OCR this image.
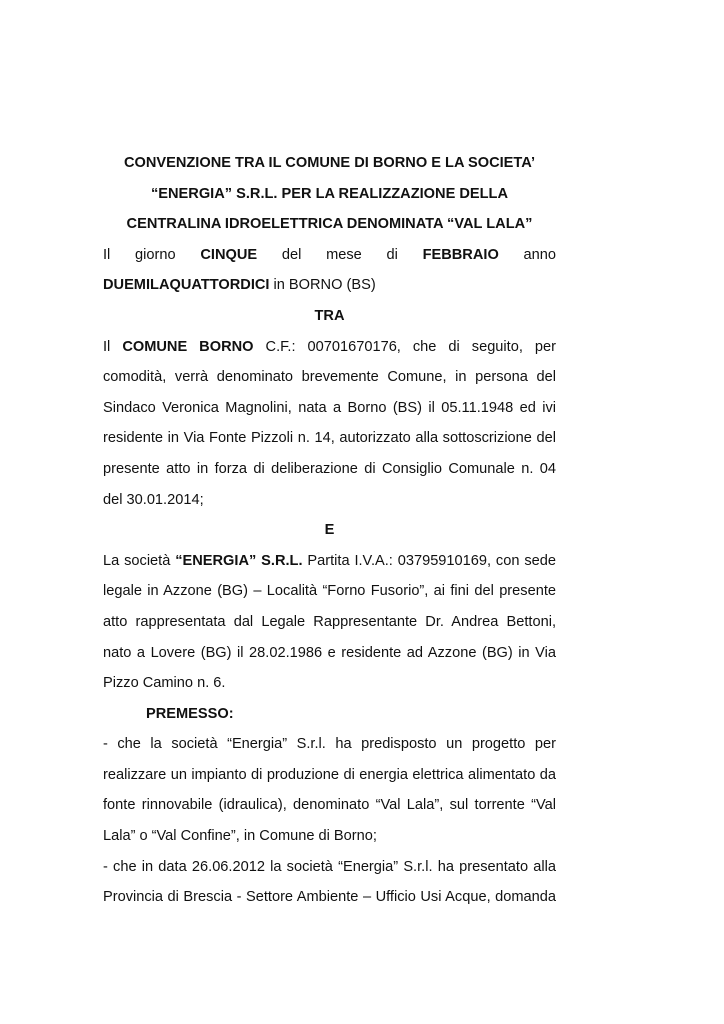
CONVENZIONE TRA IL COMUNE DI BORNO E LA SOCIETA’
“ENERGIA” S.R.L. PER LA REALIZZAZIONE DELLA
CENTRALINA IDROELETTRICA DENOMINATA “VAL LALA”
Il giorno CINQUE del mese di FEBBRAIO anno
DUEMILAQUATTORDICI in BORNO (BS)
TRA
Il COMUNE BORNO C.F.: 00701670176, che di seguito, per
comodità, verrà denominato brevemente Comune, in persona del
Sindaco Veronica Magnolini, nata a Borno (BS) il 05.11.1948 ed ivi
residente in Via Fonte Pizzoli n. 14, autorizzato alla sottoscrizione del
presente atto in forza di deliberazione di Consiglio Comunale n. 04
del 30.01.2014;
E
La società “ENERGIA” S.R.L. Partita I.V.A.: 03795910169, con sede
legale in Azzone (BG) – Località “Forno Fusorio”, ai fini del presente
atto rappresentata dal Legale Rappresentante Dr. Andrea Bettoni,
nato a Lovere (BG) il 28.02.1986 e residente ad Azzone (BG) in Via
Pizzo Camino n. 6.
PREMESSO:
- che la società “Energia” S.r.l. ha predisposto un progetto per
realizzare un impianto di produzione di energia elettrica alimentato da
fonte rinnovabile (idraulica), denominato “Val Lala”, sul torrente “Val
Lala” o “Val Confine”, in Comune di Borno;
- che in data 26.06.2012 la società “Energia” S.r.l. ha presentato alla
Provincia di Brescia - Settore Ambiente – Ufficio Usi Acque, domanda
